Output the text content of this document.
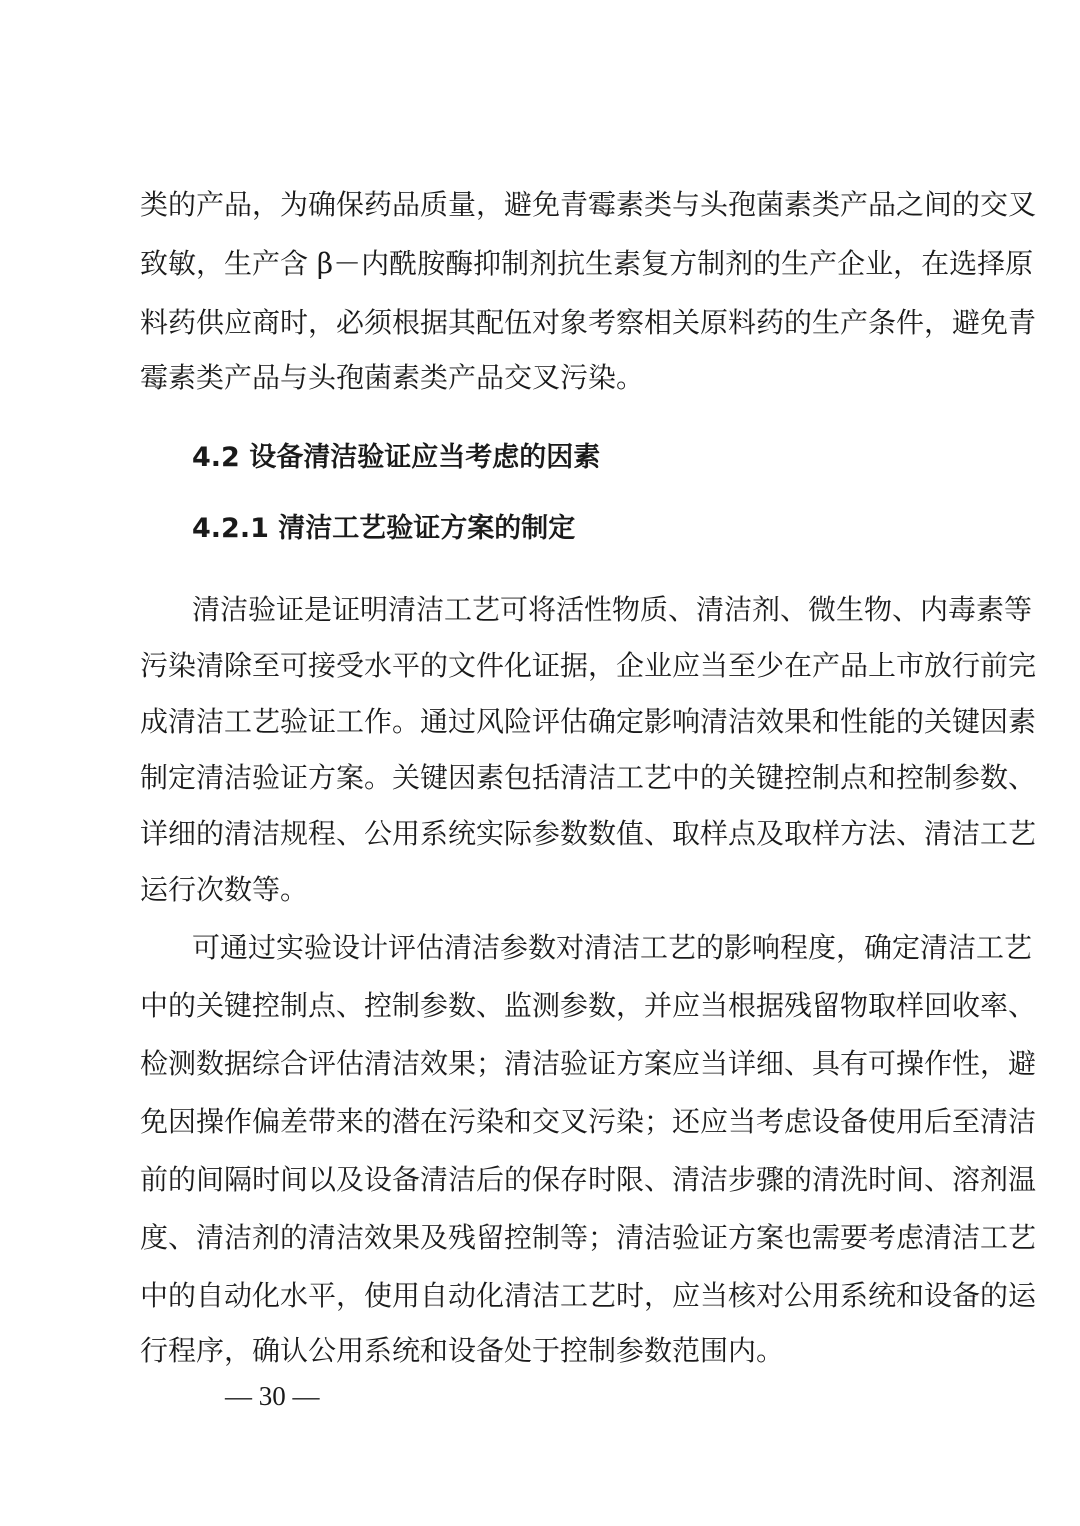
类的产品，为确保药品质量，避免青霉素类与头孢菌素类产品之间的交叉
致敏，生产含 β－内酰胺酶抑制剂抗生素复方制剂的生产企业，在选择原
料药供应商时，必须根据其配伍对象考察相关原料药的生产条件，避免青
霉素类产品与头孢菌素类产品交叉污染。
4.2 设备清洁验证应当考虑的因素
4.2.1 清洁工艺验证方案的制定
清洁验证是证明清洁工艺可将活性物质、清洁剂、微生物、内毒素等
污染清除至可接受水平的文件化证据，企业应当至少在产品上市放行前完
成清洁工艺验证工作。通过风险评估确定影响清洁效果和性能的关键因素
制定清洁验证方案。关键因素包括清洁工艺中的关键控制点和控制参数、
详细的清洁规程、公用系统实际参数数值、取样点及取样方法、清洁工艺
运行次数等。
可通过实验设计评估清洁参数对清洁工艺的影响程度，确定清洁工艺
中的关键控制点、控制参数、监测参数，并应当根据残留物取样回收率、
检测数据综合评估清洁效果；清洁验证方案应当详细、具有可操作性，避
免因操作偏差带来的潜在污染和交叉污染；还应当考虑设备使用后至清洁
前的间隔时间以及设备清洁后的保存时限、清洁步骤的清洗时间、溶剂温
度、清洁剂的清洁效果及残留控制等；清洁验证方案也需要考虑清洁工艺
中的自动化水平，使用自动化清洁工艺时，应当核对公用系统和设备的运
行程序，确认公用系统和设备处于控制参数范围内。
— 30 —
